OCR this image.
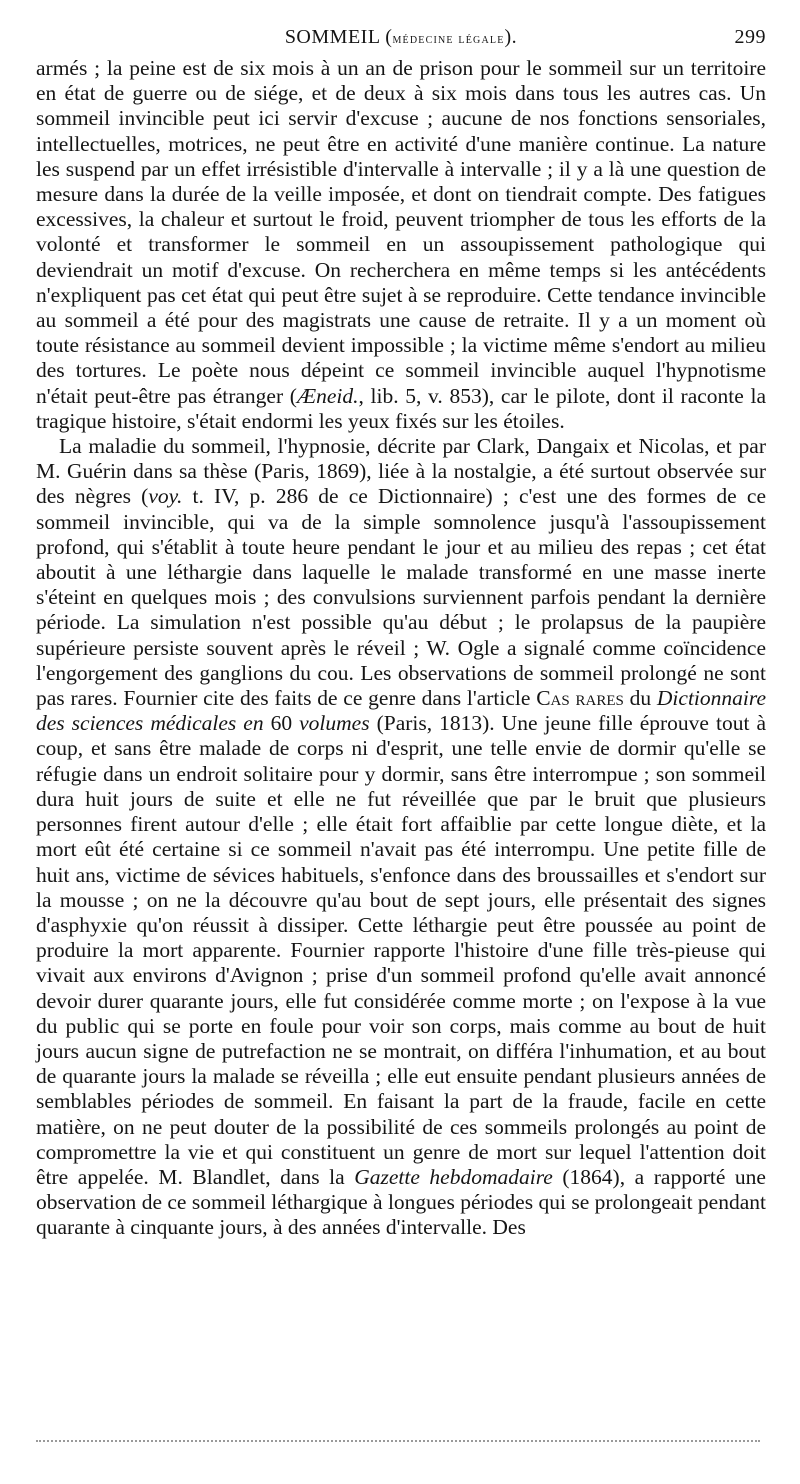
SOMMEIL (médecine légale).	299

armés ; la peine est de six mois à un an de prison pour le sommeil sur un territoire en état de guerre ou de siége, et de deux à six mois dans tous les autres cas. Un sommeil invincible peut ici servir d'excuse ; aucune de nos fonctions sensoriales, intellectuelles, motrices, ne peut être en activité d'une manière continue. La nature les suspend par un effet irrésistible d'intervalle à intervalle ; il y a là une question de mesure dans la durée de la veille imposée, et dont on tiendrait compte. Des fatigues excessives, la chaleur et surtout le froid, peuvent triompher de tous les efforts de la volonté et transformer le sommeil en un assoupissement pathologique qui deviendrait un motif d'excuse. On recherchera en même temps si les antécédents n'expliquent pas cet état qui peut être sujet à se reproduire. Cette tendance invincible au sommeil a été pour des magistrats une cause de retraite. Il y a un moment où toute résistance au sommeil devient impossible ; la victime même s'endort au milieu des tortures. Le poète nous dépeint ce sommeil invincible auquel l'hypnotisme n'était peut-être pas étranger (Æneid., lib. 5, v. 853), car le pilote, dont il raconte la tragique histoire, s'était endormi les yeux fixés sur les étoiles.

La maladie du sommeil, l'hypnosie, décrite par Clark, Dangaix et Nicolas, et par M. Guérin dans sa thèse (Paris, 1869), liée à la nostalgie, a été surtout observée sur des nègres (voy. t. IV, p. 286 de ce Dictionnaire) ; c'est une des formes de ce sommeil invincible, qui va de la simple somnolence jusqu'à l'assoupissement profond, qui s'établit à toute heure pendant le jour et au milieu des repas ; cet état aboutit à une léthargie dans laquelle le malade transformé en une masse inerte s'éteint en quelques mois ; des convulsions surviennent parfois pendant la dernière période. La simulation n'est possible qu'au début ; le prolapsus de la paupière supérieure persiste souvent après le réveil ; W. Ogle a signalé comme coïncidence l'engorgement des ganglions du cou. Les observations de sommeil prolongé ne sont pas rares. Fournier cite des faits de ce genre dans l'article Cas rares du Dictionnaire des sciences médicales en 60 volumes (Paris, 1813). Une jeune fille éprouve tout à coup, et sans être malade de corps ni d'esprit, une telle envie de dormir qu'elle se réfugie dans un endroit solitaire pour y dormir, sans être interrompue ; son sommeil dura huit jours de suite et elle ne fut réveillée que par le bruit que plusieurs personnes firent autour d'elle ; elle était fort affaiblie par cette longue diète, et la mort eût été certaine si ce sommeil n'avait pas été interrompu. Une petite fille de huit ans, victime de sévices habituels, s'enfonce dans des broussailles et s'endort sur la mousse ; on ne la découvre qu'au bout de sept jours, elle présentait des signes d'asphyxie qu'on réussit à dissiper. Cette léthargie peut être poussée au point de produire la mort apparente. Fournier rapporte l'histoire d'une fille très-pieuse qui vivait aux environs d'Avignon ; prise d'un sommeil profond qu'elle avait annoncé devoir durer quarante jours, elle fut considérée comme morte ; on l'expose à la vue du public qui se porte en foule pour voir son corps, mais comme au bout de huit jours aucun signe de putrefaction ne se montrait, on différa l'inhumation, et au bout de quarante jours la malade se réveilla ; elle eut ensuite pendant plusieurs années de semblables périodes de sommeil. En faisant la part de la fraude, facile en cette matière, on ne peut douter de la possibilité de ces sommeils prolongés au point de compromettre la vie et qui constituent un genre de mort sur lequel l'attention doit être appelée. M. Blandlet, dans la Gazette hebdomadaire (1864), a rapporté une observation de ce sommeil léthargique à longues périodes qui se prolongeait pendant quarante à cinquante jours, à des années d'intervalle. Des
